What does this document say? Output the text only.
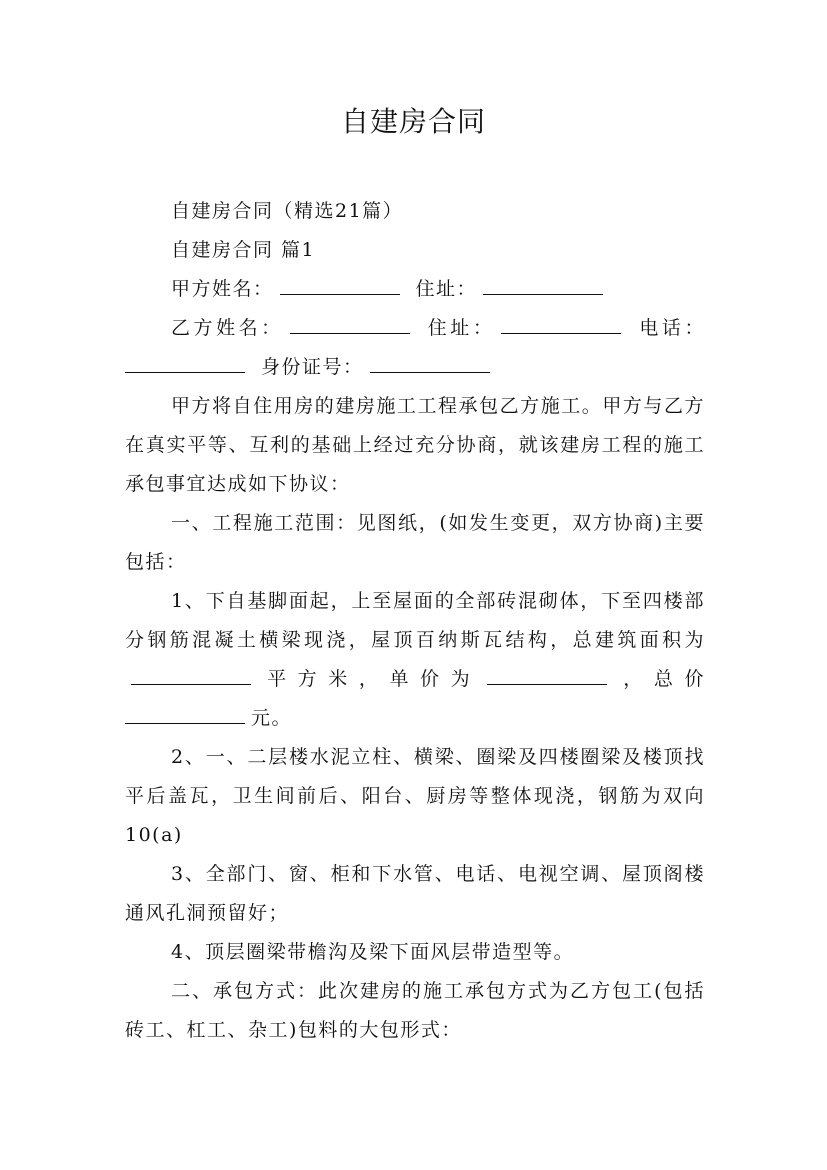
自建房合同

自建房合同（精选21篇）

自建房合同 篇1

甲方姓名：	住址：

乙方姓名：	住址：	电话：身份证号：

甲方将自住用房的建房施工工程承包乙方施工。甲方与乙方在真实平等、互利的基础上经过充分协商，就该建房工程的施工承包事宜达成如下协议：

一、工程施工范围：见图纸，(如发生变更，双方协商)主要包括：

1、下自基脚面起，上至屋面的全部砖混砌体，下至四楼部分钢筋混凝土横梁现浇，屋顶百纳斯瓦结构，总建筑面积为平方米，单价为	，总价元。

2、一、二层楼水泥立柱、横梁、圈梁及四楼圈梁及楼顶找平后盖瓦，卫生间前后、阳台、厨房等整体现浇，钢筋为双向10(a)

3、全部门、窗、柜和下水管、电话、电视空调、屋顶阁楼通风孔洞预留好；

4、顶层圈梁带檐沟及梁下面风层带造型等。

二、承包方式：此次建房的施工承包方式为乙方包工(包括砖工、杠工、杂工)包料的大包形式：
